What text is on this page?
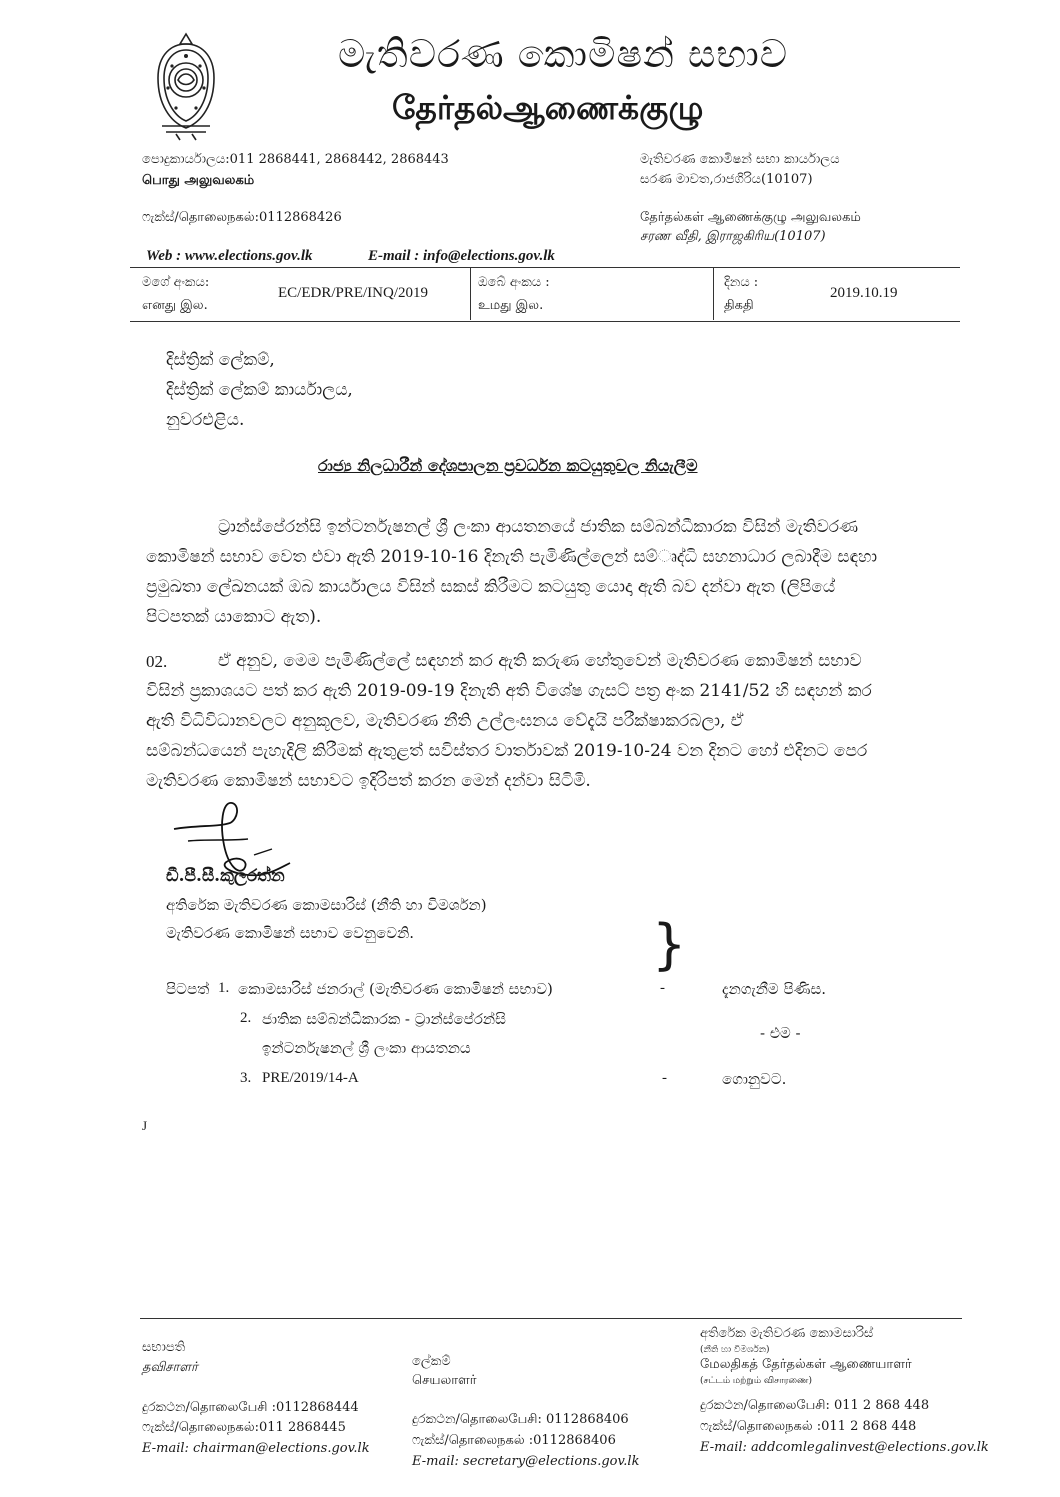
මැතිවරණ කොමිෂන් සභාව
தேர்தல்ஆணைக்குழு
පොදුකාර්යාලය:011 2868441, 2868442, 2868443
பொது அலுவலகம்
ෆැක්ස්/தொலைநகல்:0112868426
මැතිවරණ කොමිෂන් සභා කාර්යාලය
සරණ මාවත,රාජගිරිය(10107)
தேர்தல்கள் ஆணைக்குழு அலுவலகம்
சரண வீதி, இராஜகிரிய(10107)
Web : www.elections.gov.lk	E-mail : info@elections.gov.lk
මගේ අංකය:
எனது இல.
EC/EDR/PRE/INQ/2019
ඔබේ අංකය :
உமது இல.
දිනය :
திகதி
2019.10.19
දිස්ත්‍රික් ලේකම්,
දිස්ත්‍රික් ලේකම් කාර්යාලය,
නුවරඑළිය.
රාජ්‍ය නිලධාරීන් දේශපාලන ප්‍රවර්ධන කටයුතුවල නියැලීම
ට්‍රාන්ස්පේරන්සි ඉන්ටර්නැෂනල් ශ්‍රී ලංකා ආයතනයේ ජාතික සම්බන්ධීකාරක විසින් මැතිවරණ
කොමිෂන් සභාව වෙත එවා ඇති 2019-10-16 දිනැති පැමිණිල්ලෙන් සම්ෘද්ධි සහනාධාර ලබාදීම සඳහා
ප්‍රමුඛතා ලේඛනයක් ඔබ කාර්යාලය විසින් සකස් කිරීමට කටයුතු යොදා ඇති බව දන්වා ඇත (ලිපියේ
පිටපතක් යාකොට ඇත).
02.	ඒ අනුව, මෙම පැමිණිල්ලේ සඳහන් කර ඇති කරුණ හේතුවෙන් මැතිවරණ කොමිෂන් සභාව
විසින් ප්‍රකාශයට පත් කර ඇති 2019-09-19 දිනැති අති විශේෂ ගැසට් පත්‍ර අංක 2141/52 හි සඳහන් කර
ඇති විධිවිධානවලට අනුකූලව, මැතිවරණ නීති උල්ලංඝනය වේදැයි පරීක්ෂාකරබලා, ඒ
සම්බන්ධයෙන් පැහැදිලි කිරීමක් ඇතුළත් සවිස්තර වාර්තාවක් 2019-10-24 වන දිනට හෝ එදිනට පෙර
මැතිවරණ කොමිෂන් සභාවට ඉදිරිපත් කරන මෙන් දන්වා සිටිමි.
ඩී.පී.සී.කුලරත්න
අතිරේක මැතිවරණ කොමසාරිස් (නීති හා විමර්ශන)
මැතිවරණ කොමිෂන් සභාව වෙනුවෙනි.
පිටපත් 1. කොමසාරිස් ජනරාල් (මැතිවරණ කොමිෂන් සභාව)	-	දැනගැනීම පිණිස.
2. ජාතික සම්බන්ධීකාරක - ට්‍රාන්ස්පේරන්සි
ඉන්ටර්නැෂනල් ශ්‍රී ලංකා ආයතනය
}
- එම -
3. PRE/2019/14-A	-	ගොනුවට.
J
සභාපති
தவிசாளர்
දුරකථන/தொலைபேசி :0112868444
ෆැක්ස්/தொலைநகல்:011 2868445
E-mail: chairman@elections.gov.lk
ලේකම්
செயலாளர்
දුරකථන/தொலைபேசி: 0112868406
ෆැක්ස්/தொலைநகல் :0112868406
E-mail: secretary@elections.gov.lk
අතිරේක මැතිවරණ කොමසාරිස්
(නීති හා විමර්ශන)
மேலதிகத் தேர்தல்கள் ஆணையாளர்
(சட்டம் மற்றும் விசாரணை)
දුරකථන/தொலைபேசி: 011 2 868 448
ෆැක්ස්/தொலைநகல் :011 2 868 448
E-mail: addcomlegalinvest@elections.gov.lk
